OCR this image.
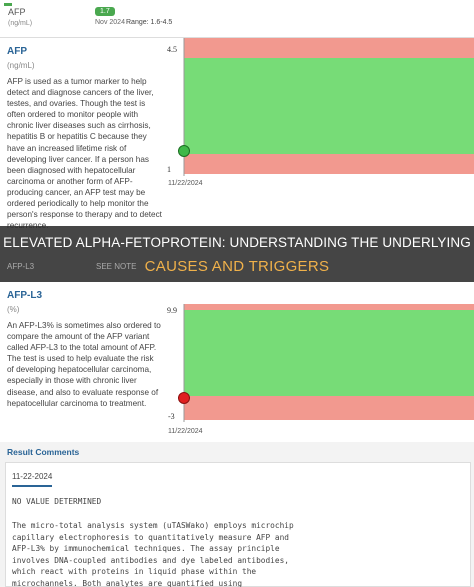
AFP
(ng/mL)
1.7
Nov 2024 Range: 1.6-4.5
AFP
(ng/mL)
AFP is used as a tumor marker to help detect and diagnose cancers of the liver, testes, and ovaries. Though the test is often ordered to monitor people with chronic liver diseases such as cirrhosis, hepatitis B or hepatitis C because they have an increased lifetime risk of developing liver cancer. If a person has been diagnosed with hepatocellular carcinoma or another form of AFP-producing cancer, an AFP test may be ordered periodically to help monitor the person's response to therapy and to detect
4.5
1
11/22/2024
ELEVATED ALPHA-FETOPROTEIN: UNDERSTANDING THE UNDERLYING
CAUSES AND TRIGGERS
AFP-L3
(%)
An AFP-L3% is sometimes also ordered to compare the amount of the AFP variant called AFP-L3 to the total amount of AFP. The test is used to help evaluate the risk of developing hepatocellular carcinoma, especially in those with chronic liver disease, and also to evaluate response of hepatocellular carcinoma to treatment.
9.9
-3
11/22/2024
AFP-L3	SEE NOTE
Result Comments
11-22-2024
NO VALUE DETERMINED
The micro-total analysis system (uTASWako) employs microchip
capillary electrophoresis to quantitatively measure AFP and
AFP-L3% by immunochemical techniques. The assay principle
involves DNA-coupled antibodies and dye labeled antibodies,
which react with proteins in liquid phase within the
microchannels. Both analytes are quantified using
